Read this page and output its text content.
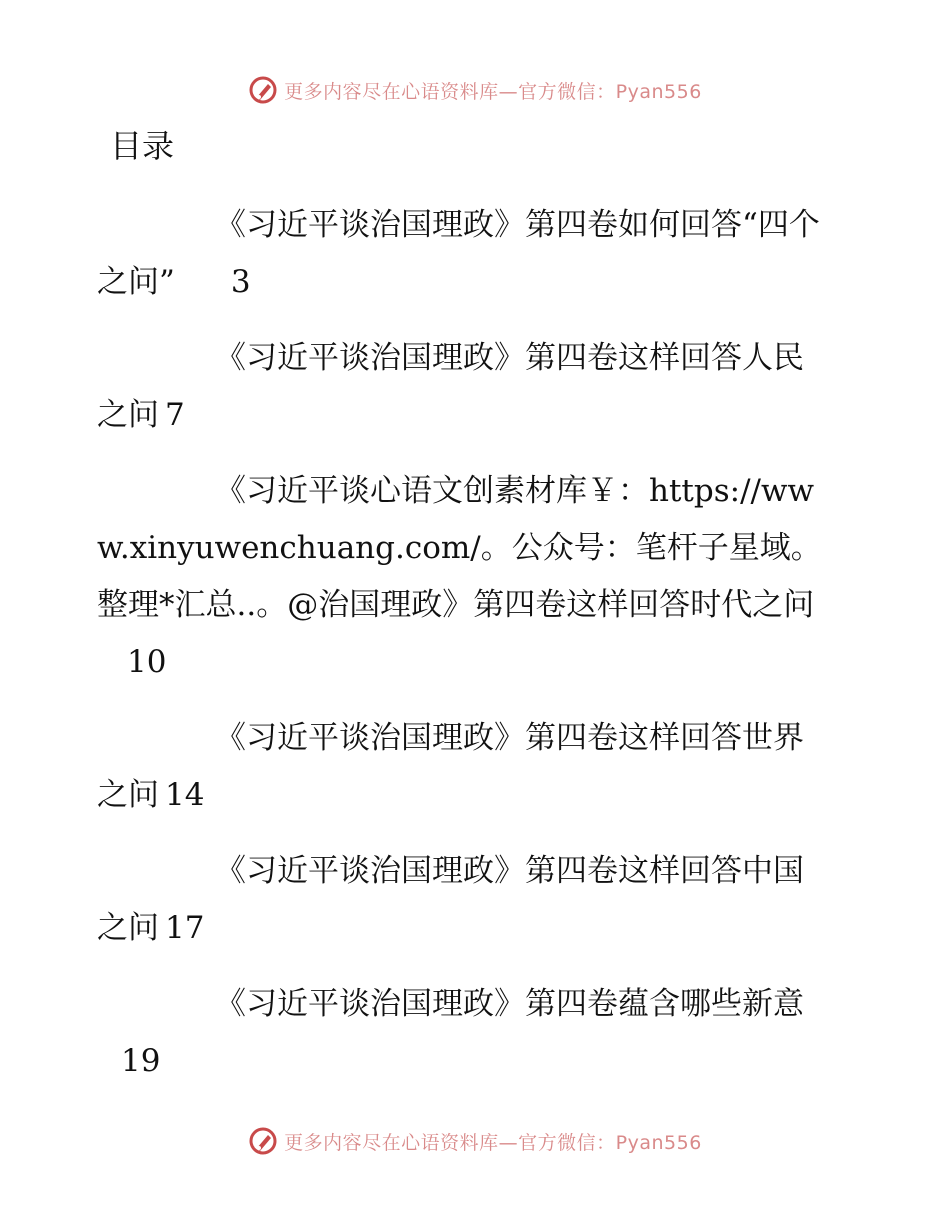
更多内容尽在心语资料库—官方微信：Pyan556
目录

《习近平谈治国理政》第四卷如何回答“四个之问” 3

《习近平谈治国理政》第四卷这样回答人民之问 7

《习近平谈心语文创素材库￥：https://www.xinyuwenchuang.com/。公众号：笔杆子星域。整理*汇总..。@治国理政》第四卷这样回答时代之问10

《习近平谈治国理政》第四卷这样回答世界之问 14

《习近平谈治国理政》第四卷这样回答中国之问 17

《习近平谈治国理政》第四卷蕴含哪些新意19

更多内容尽在心语资料库—官方微信：Pyan556
